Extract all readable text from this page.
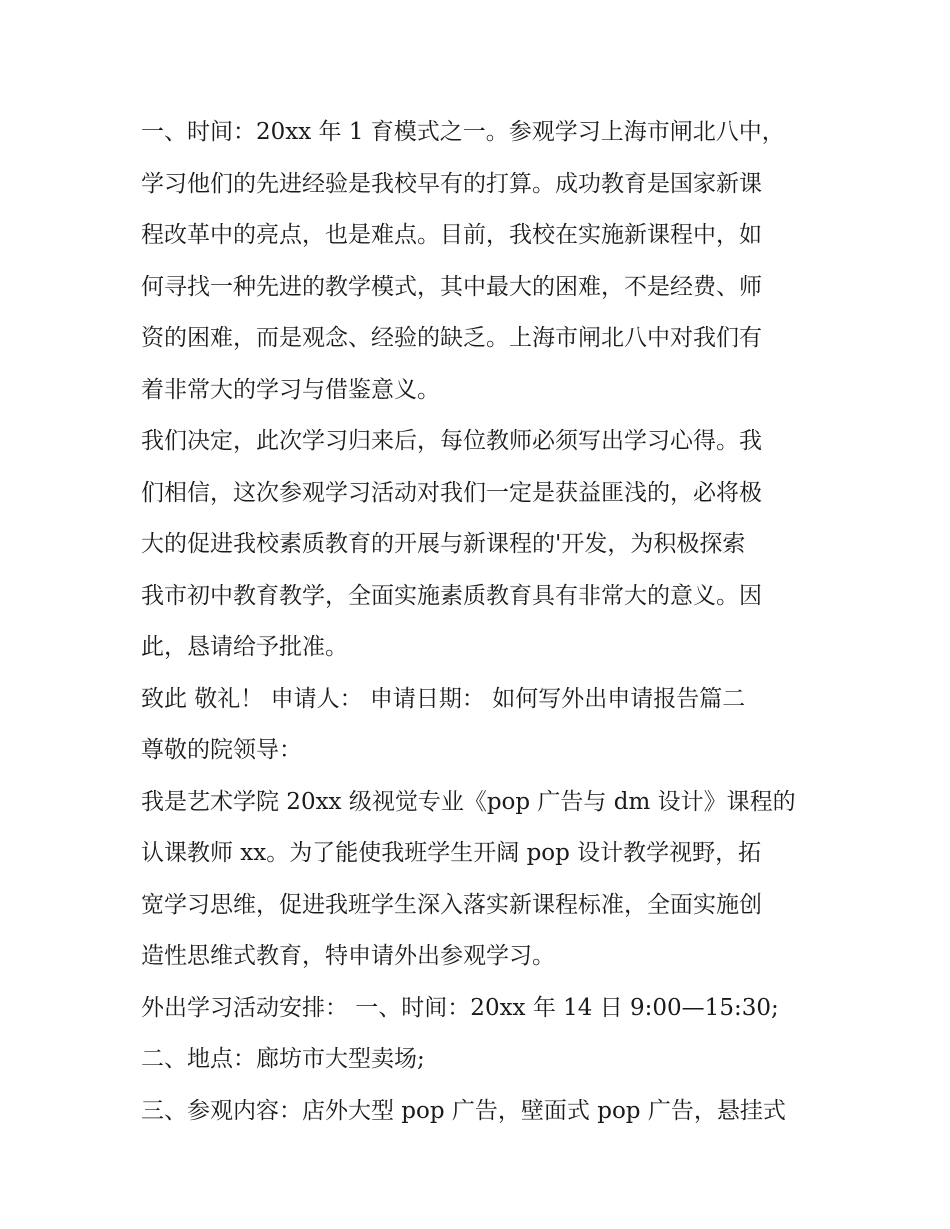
一、时间：20xx 年 1 育模式之一。参观学习上海市闸北八中，
学习他们的先进经验是我校早有的打算。成功教育是国家新课
程改革中的亮点，也是难点。目前，我校在实施新课程中，如
何寻找一种先进的教学模式，其中最大的困难，不是经费、师
资的困难，而是观念、经验的缺乏。上海市闸北八中对我们有
着非常大的学习与借鉴意义。
我们决定，此次学习归来后，每位教师必须写出学习心得。我
们相信，这次参观学习活动对我们一定是获益匪浅的，必将极
大的促进我校素质教育的开展与新课程的'开发，为积极探索
我市初中教育教学，全面实施素质教育具有非常大的意义。因
此，恳请给予批准。
致此 敬礼！ 申请人： 申请日期： 如何写外出申请报告篇二
尊敬的院领导：
我是艺术学院 20xx 级视觉专业《pop 广告与 dm 设计》课程的
认课教师 xx。为了能使我班学生开阔 pop 设计教学视野，拓
宽学习思维，促进我班学生深入落实新课程标准，全面实施创
造性思维式教育，特申请外出参观学习。
外出学习活动安排： 一、时间：20xx 年 14 日 9:00—15:30;
二、地点：廊坊市大型卖场;
三、参观内容：店外大型 pop 广告，壁面式 pop 广告，悬挂式
